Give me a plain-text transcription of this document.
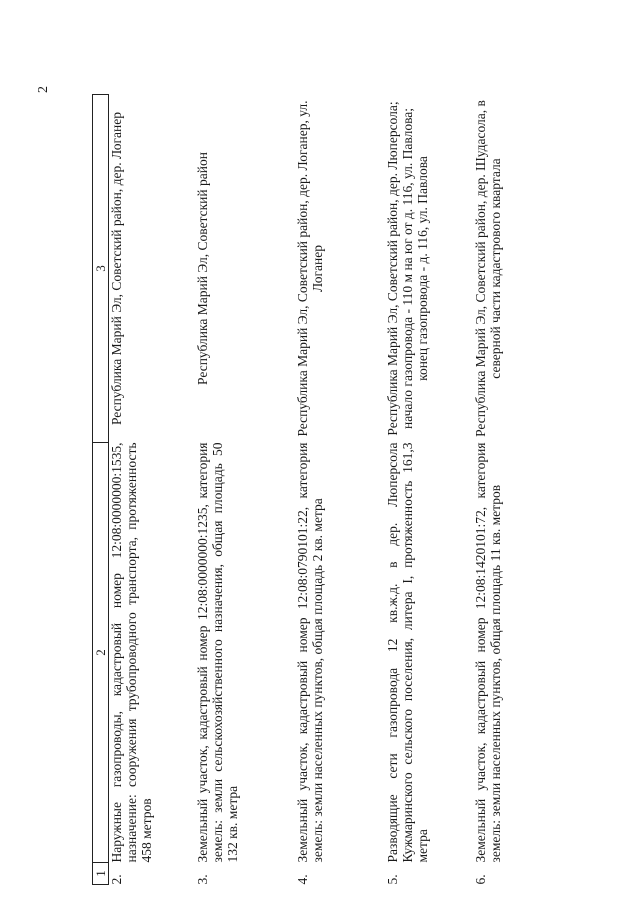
2
1	2	3
2.	Наружные газопроводы, кадастровый номер 12:08:0000000:1535, назначение: сооружения трубопроводного транспорта, протяженность 458 метров	Республика Марий Эл, Советский район, дер. Логанер
3.	Земельный участок, кадастровый номер 12:08:0000000:1235, категория земель: земли сельскохозяйственного назначения, общая площадь 50 132 кв. метра	Республика Марий Эл, Советский район
4.	Земельный участок, кадастровый номер 12:08:0790101:22, категория земель: земли населенных пунктов, общая площадь 2 кв. метра	Республика Марий Эл, Советский район, дер. Логанер, ул. Логанер
5.	Разводящие сети газопровода 12 кв.ж.д. в дер. Люперсола Кужмаринского сельского поселения, литера I, протяженность 161,3 метра	Республика Марий Эл, Советский район, дер. Люперсола; начало газопровода - 110 м на юг от д. 116, ул. Павлова; конец газопровода - д. 116, ул. Павлова
6.	Земельный участок, кадастровый номер 12:08:1420101:72, категория земель: земли населенных пунктов, общая площадь 11 кв. метров	Республика Марий Эл, Советский район, дер. Шудасола, в северной части кадастрового квартала
